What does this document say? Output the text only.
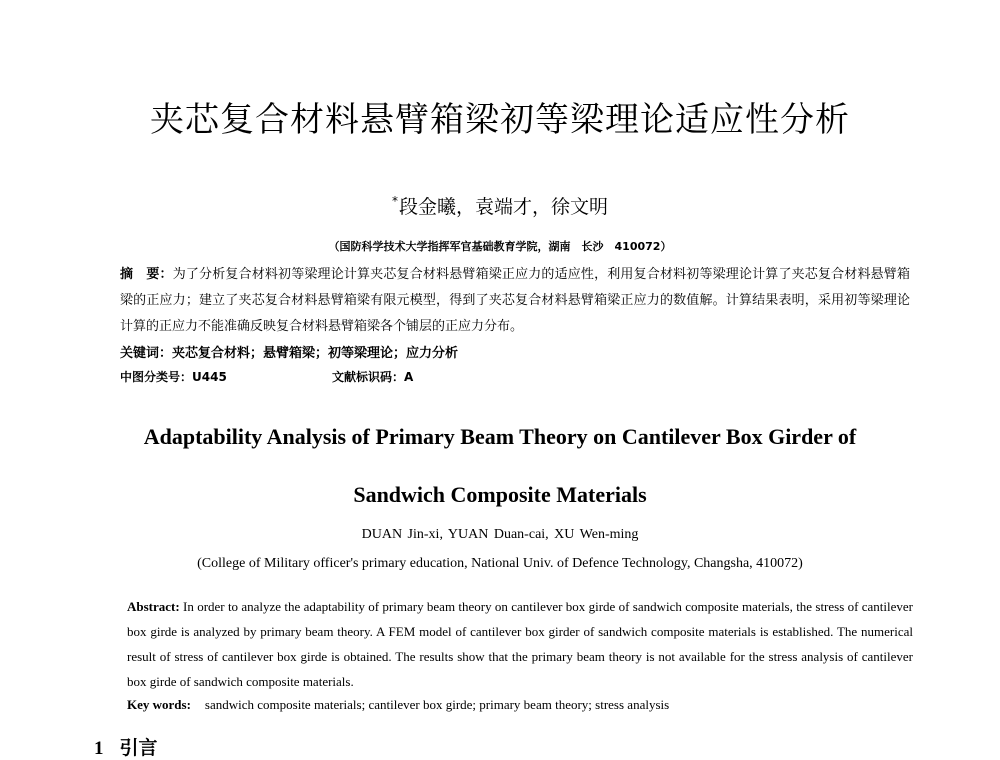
夹芯复合材料悬臂箱梁初等梁理论适应性分析
*段金曦，袁端才，徐文明
（国防科学技术大学指挥军官基础教育学院，湖南　长沙　410072）
摘　要：为了分析复合材料初等梁理论计算夹芯复合材料悬臂箱梁正应力的适应性，利用复合材料初等梁理论计算了夹芯复合材料悬臂箱梁的正应力；建立了夹芯复合材料悬臂箱梁有限元模型，得到了夹芯复合材料悬臂箱梁正应力的数值解。计算结果表明，采用初等梁理论计算的正应力不能准确反映复合材料悬臂箱梁各个铺层的正应力分布。
关键词：夹芯复合材料；悬臂箱梁；初等梁理论；应力分析
中图分类号：U445	文献标识码：A
Adaptability Analysis of Primary Beam Theory on Cantilever Box Girder of
Sandwich Composite Materials
DUAN Jin-xi, YUAN Duan-cai, XU Wen-ming
(College of Military officer's primary education, National Univ. of Defence Technology, Changsha, 410072)
Abstract: In order to analyze the adaptability of primary beam theory on cantilever box girde of sandwich composite materials, the stress of cantilever box girde is analyzed by primary beam theory. A FEM model of cantilever box girder of sandwich composite materials is established. The numerical result of stress of cantilever box girde is obtained. The results show that the primary beam theory is not available for the stress analysis of cantilever box girde of sandwich composite materials.
Key words: sandwich composite materials; cantilever box girde; primary beam theory; stress analysis
1 引言
